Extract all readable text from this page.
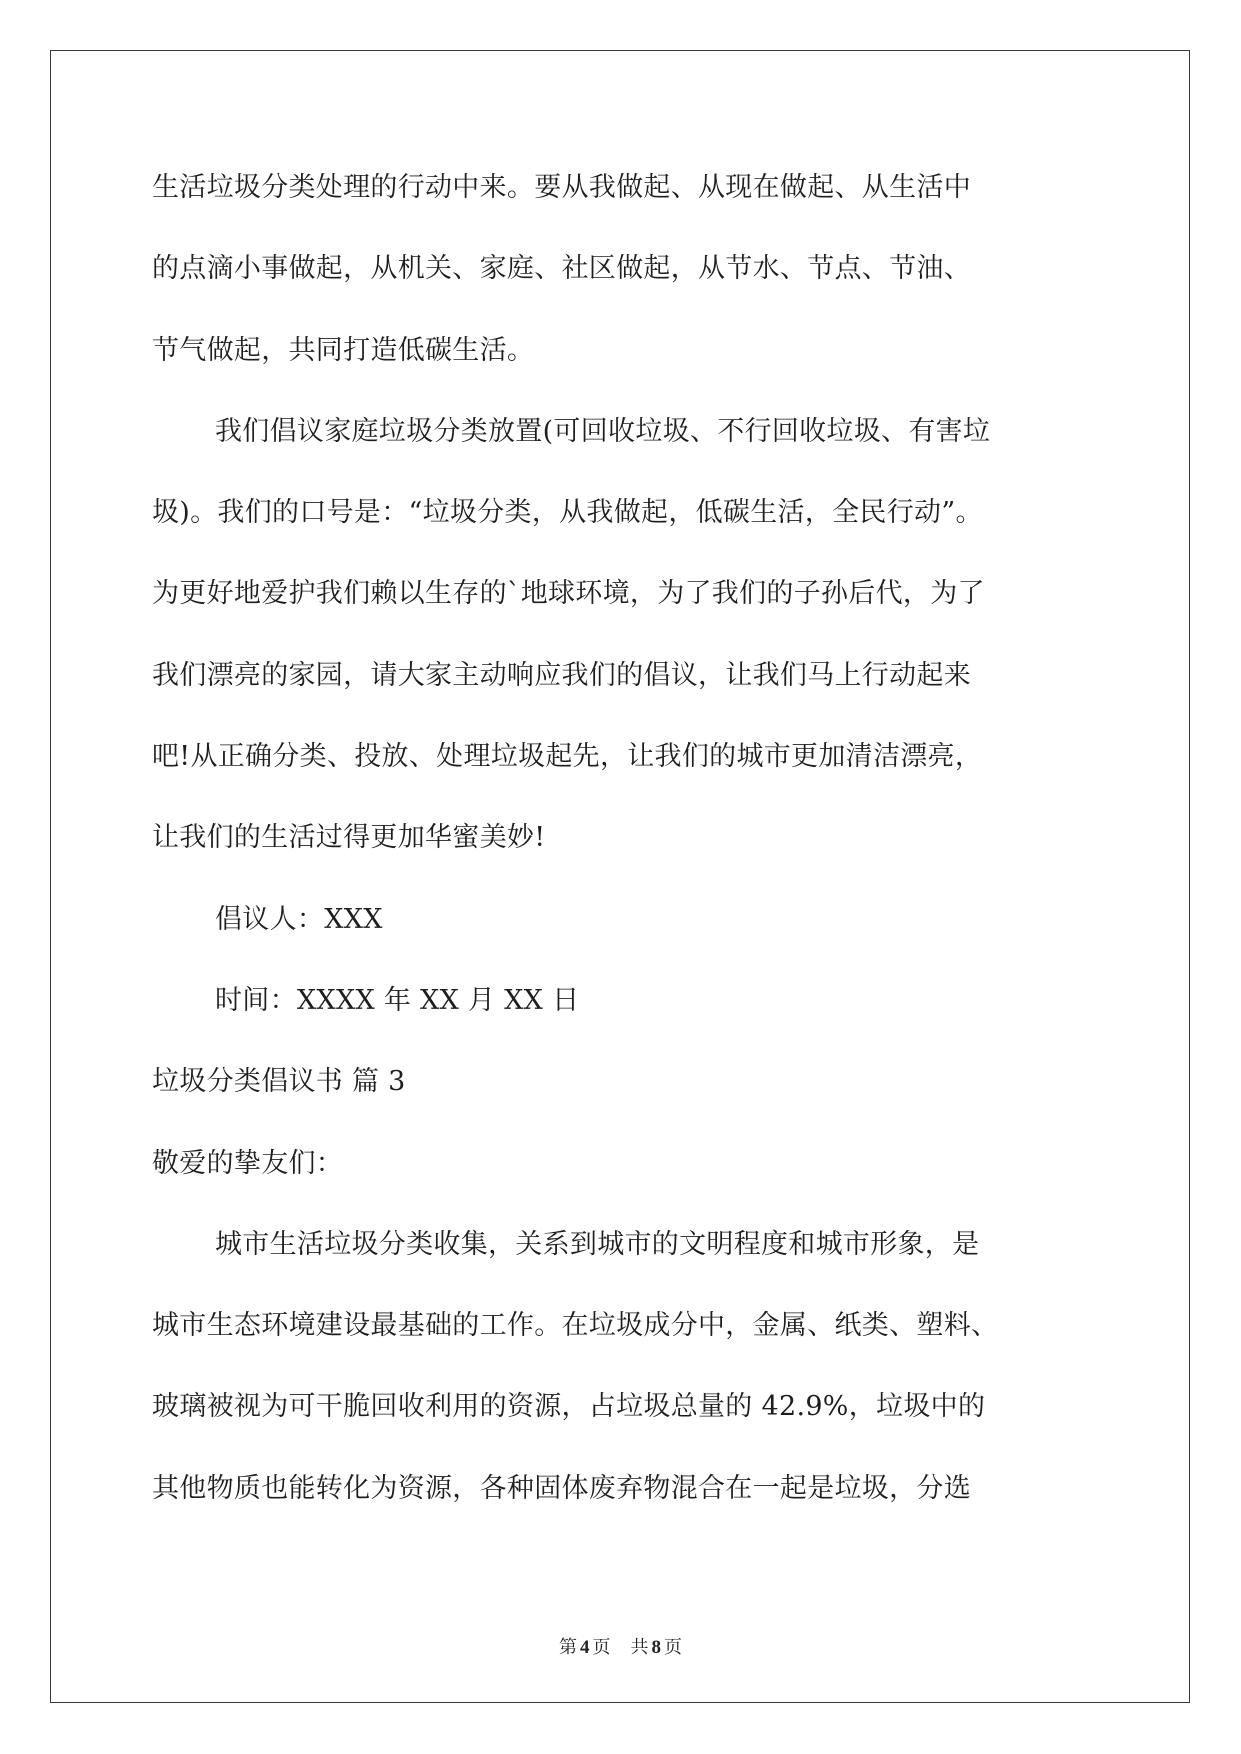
生活垃圾分类处理的行动中来。要从我做起、从现在做起、从生活中
的点滴小事做起，从机关、家庭、社区做起，从节水、节点、节油、
节气做起，共同打造低碳生活。
我们倡议家庭垃圾分类放置(可回收垃圾、不行回收垃圾、有害垃
圾)。我们的口号是：“垃圾分类，从我做起，低碳生活，全民行动”。
为更好地爱护我们赖以生存的`地球环境，为了我们的子孙后代，为了
我们漂亮的家园，请大家主动响应我们的倡议，让我们马上行动起来
吧!从正确分类、投放、处理垃圾起先，让我们的城市更加清洁漂亮，
让我们的生活过得更加华蜜美妙!
倡议人：XXX
时间：XXXX 年 XX 月 XX 日
垃圾分类倡议书 篇 3
敬爱的挚友们：
城市生活垃圾分类收集，关系到城市的文明程度和城市形象，是
城市生态环境建设最基础的工作。在垃圾成分中，金属、纸类、塑料、
玻璃被视为可干脆回收利用的资源，占垃圾总量的 42.9%，垃圾中的
其他物质也能转化为资源，各种固体废弃物混合在一起是垃圾，分选
第 4 页 共 8 页
